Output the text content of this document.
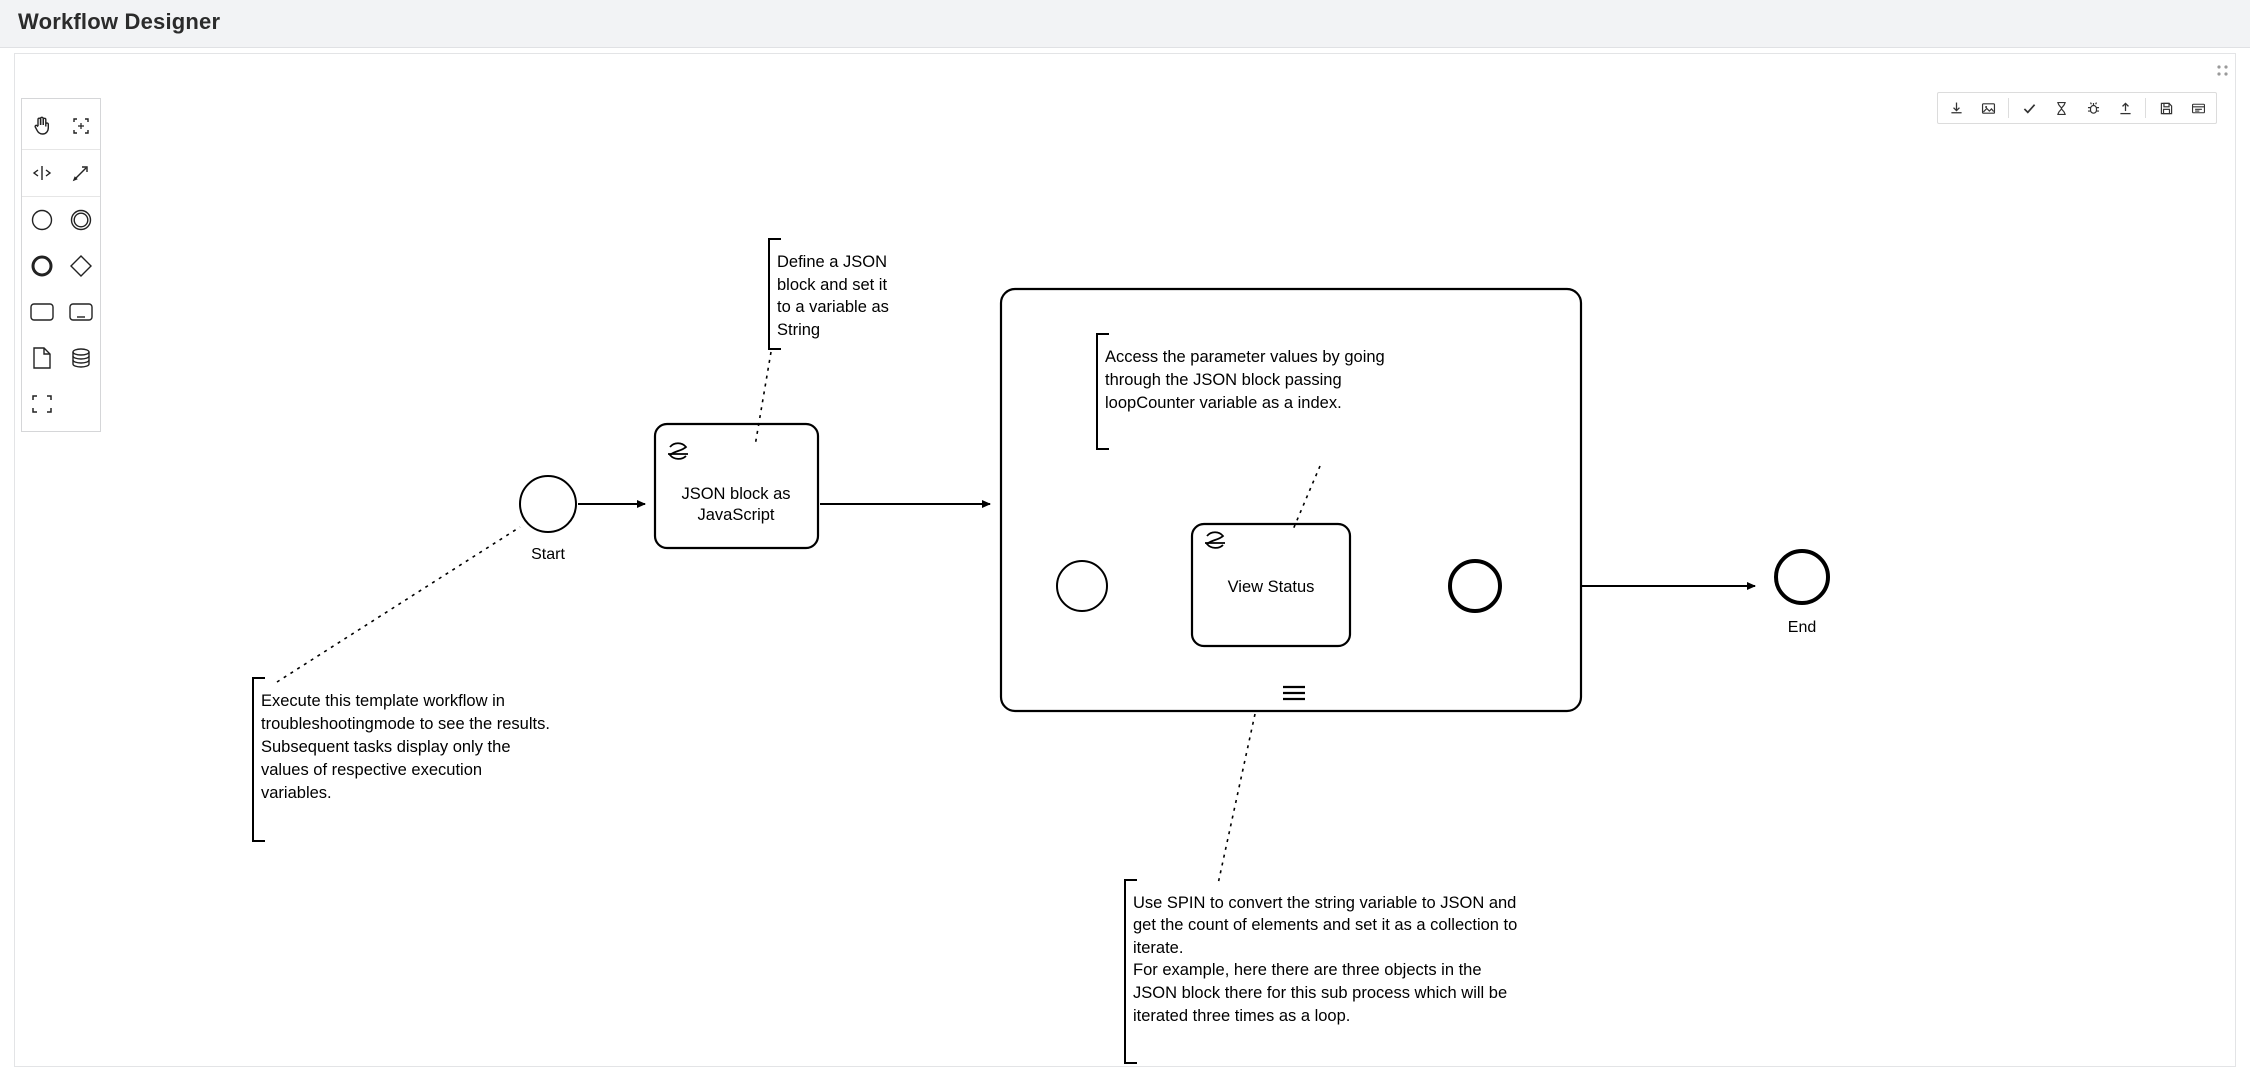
Workflow Designer
Start
JSON block as
JavaScript
View Status
End
Define a JSON
block and set it
to a variable as
String
Access the parameter values by going
through the JSON block passing
loopCounter variable as a index.
Execute this template workflow in
troubleshootingmode to see the results.
Subsequent tasks display only the
values of respective execution
variables.
Use SPIN to convert the string variable to JSON and
get the count of elements and set it as a collection to
iterate.
For example, here there are three objects in the
JSON block there for this sub process which will be
iterated three times as a loop.
